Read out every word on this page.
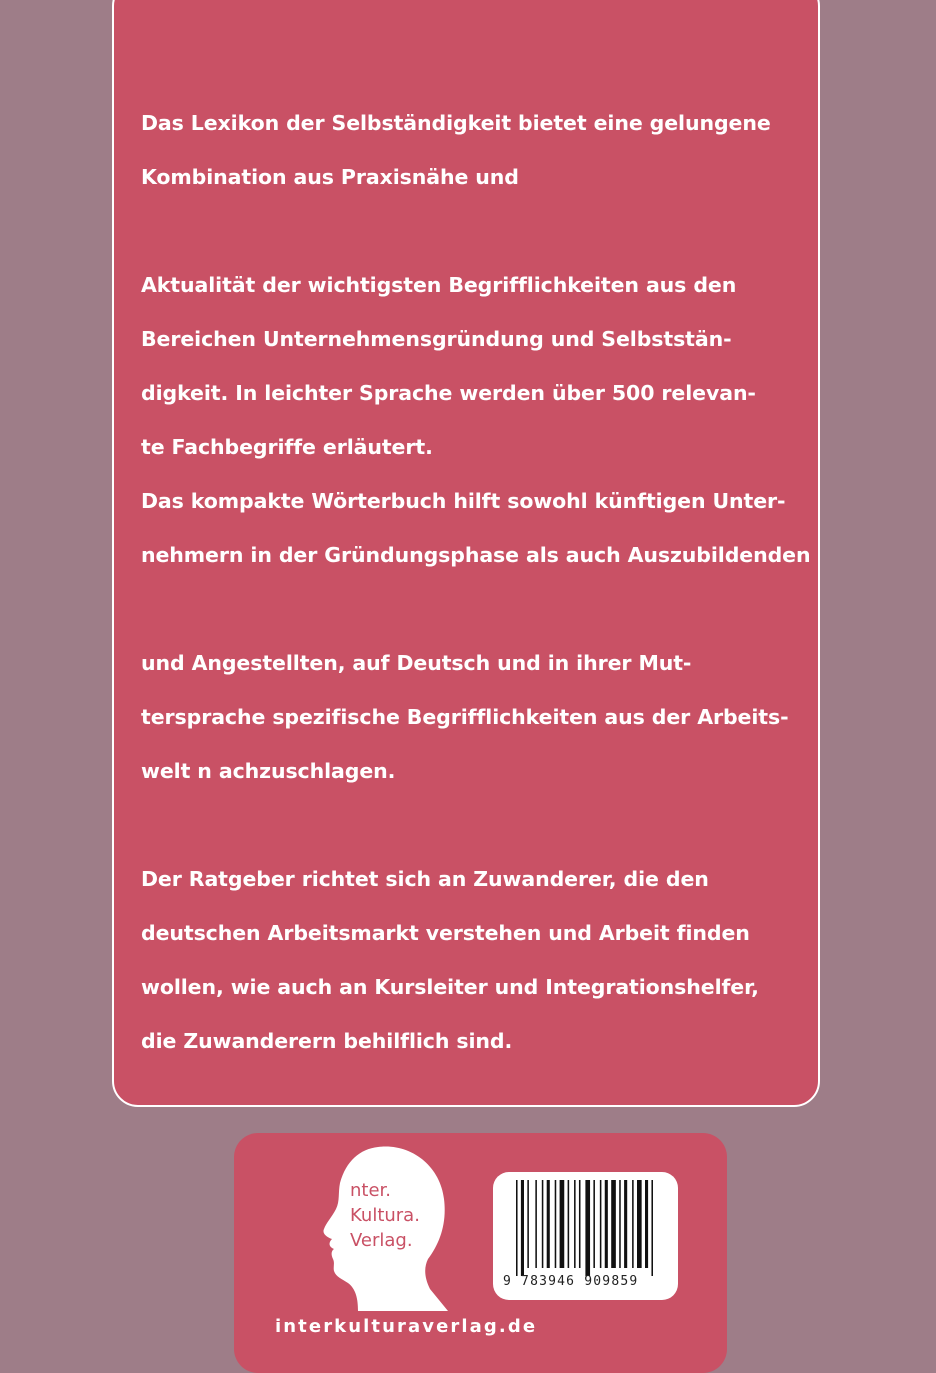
Das Lexikon der Selbständigkeit bietet eine gelungene
Kombination aus Praxisnähe und
Aktualität der wichtigsten Begrifflichkeiten aus den
Bereichen Unternehmensgründung und Selbststän-
digkeit. In leichter Sprache werden über 500 relevan-
te Fachbegriffe erläutert.
Das kompakte Wörterbuch hilft sowohl künftigen Unter-
nehmern in der Gründungsphase als auch Auszubildenden
und Angestellten, auf Deutsch und in ihrer Mut-
tersprache spezifische Begrifflichkeiten aus der Arbeits-
welt n achzuschlagen.
Der Ratgeber richtet sich an Zuwanderer, die den
deutschen Arbeitsmarkt verstehen und Arbeit finden
wollen, wie auch an Kursleiter und Integrationshelfer,
die Zuwanderern behilflich sind.
nter.
Kultura.
Verlag.
interkulturaverlag.de
9 783946 909859
